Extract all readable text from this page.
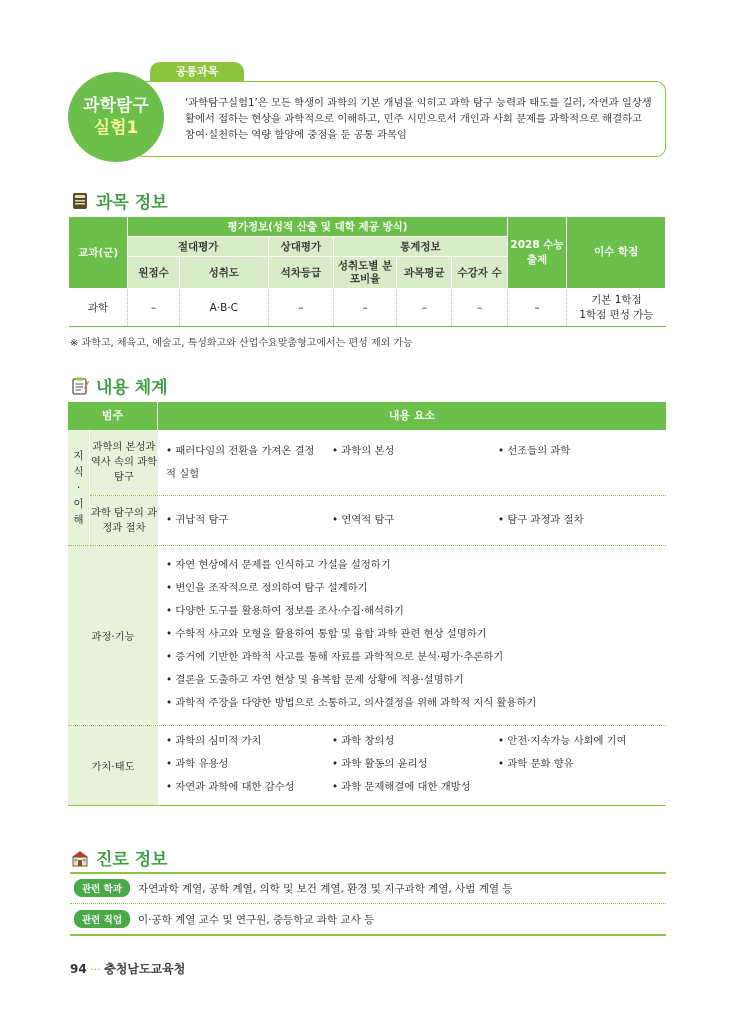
공통과목
‘과학탐구실험1’은 모든 학생이 과학의 기본 개념을 익히고 과학 탐구 능력과 태도를 길러, 자연과 일상생활에서 접하는 현상을 과학적으로 이해하고, 민주 시민으로서 개인과 사회 문제를 과학적으로 해결하고 참여·실천하는 역량 함양에 중점을 둔 공통 과목임
과학탐구
실험1
과목 정보
교과(군)	평가정보(성적 산출 및 대학 제공 방식)						2028 수능 출제	이수 학점
	절대평가		상대평가	통계정보				
	원점수	성취도	석차등급	성취도별 분포비율	과목평균	수강자 수		
과학	–	A·B·C	–	–	–	–	–	기본 1학점
1학점 편성 가능
※ 과학고, 체육고, 예술고, 특성화고와 산업수요맞춤형고에서는 편성 제외 가능
내용 체계
범주	내용 요소
지식·이해
과학의 본성과 역사 속의 과학 탐구
• 패러다임의 전환을 가져온 결정적 실험
• 과학의 본성	• 선조들의 과학
과학 탐구의 과정과 절차
• 귀납적 탐구	• 연역적 탐구	• 탐구 과정과 절차
과정·기능
• 자연 현상에서 문제를 인식하고 가설을 설정하기
• 변인을 조작적으로 정의하여 탐구 설계하기
• 다양한 도구를 활용하여 정보를 조사·수집·해석하기
• 수학적 사고와 모형을 활용하여 통합 및 융합 과학 관련 현상 설명하기
• 증거에 기반한 과학적 사고를 통해 자료를 과학적으로 분석·평가·추론하기
• 결론을 도출하고 자연 현상 및 융복합 문제 상황에 적용·설명하기
• 과학적 주장을 다양한 방법으로 소통하고, 의사결정을 위해 과학적 지식 활용하기
가치·태도
• 과학의 심미적 가치	• 과학 창의성	• 안전·지속가능 사회에 기여
• 과학 유용성	• 과학 활동의 윤리성	• 과학 문화 향유
• 자연과 과학에 대한 감수성	• 과학 문제해결에 대한 개방성
진로 정보
관련 학과	자연과학 계열, 공학 계열, 의학 및 보건 계열, 환경 및 지구과학 계열, 사범 계열 등
관련 직업	이·공학 계열 교수 및 연구원, 중등학교 과학 교사 등
94 ··· 충청남도교육청
